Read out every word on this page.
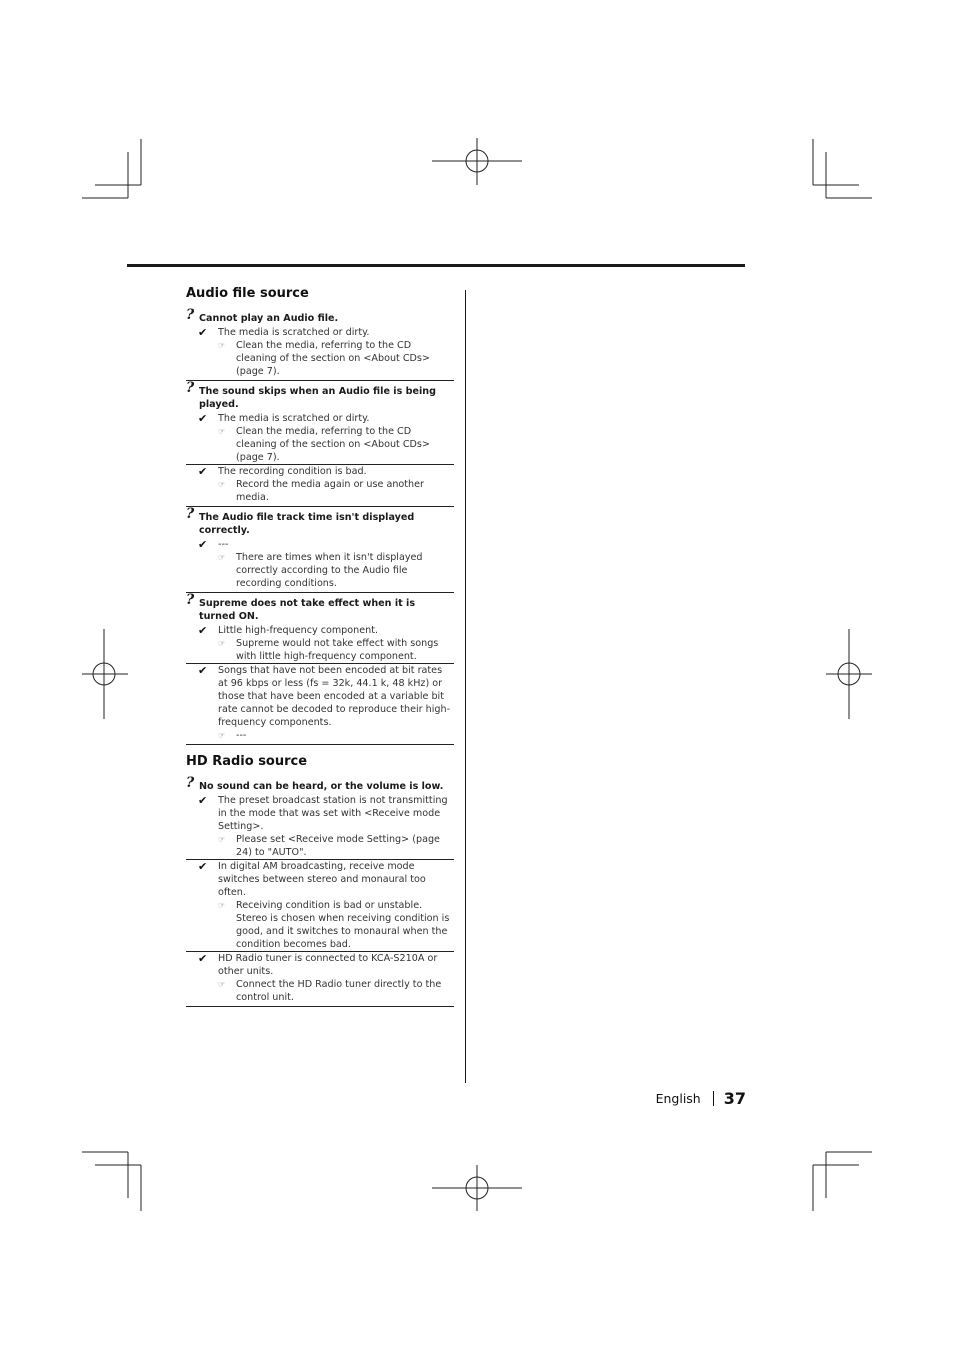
Audio file source
? Cannot play an Audio file.
✔ The media is scratched or dirty.
☞ Clean the media, referring to the CD cleaning of the section on <About CDs> (page 7).
? The sound skips when an Audio file is being played.
✔ The media is scratched or dirty.
☞ Clean the media, referring to the CD cleaning of the section on <About CDs> (page 7).
✔ The recording condition is bad.
☞ Record the media again or use another media.
? The Audio file track time isn't displayed correctly.
✔ ---
☞ There are times when it isn't displayed correctly according to the Audio file recording conditions.
? Supreme does not take effect when it is turned ON.
✔ Little high-frequency component.
☞ Supreme would not take effect with songs with little high-frequency component.
✔ Songs that have not been encoded at bit rates at 96 kbps or less (fs = 32k, 44.1 k, 48 kHz) or those that have been encoded at a variable bit rate cannot be decoded to reproduce their high-frequency components.
☞ ---
HD Radio source
? No sound can be heard, or the volume is low.
✔ The preset broadcast station is not transmitting in the mode that was set with <Receive mode Setting>.
☞ Please set <Receive mode Setting> (page 24) to "AUTO".
✔ In digital AM broadcasting, receive mode switches between stereo and monaural too often.
☞ Receiving condition is bad or unstable. Stereo is chosen when receiving condition is good, and it switches to monaural when the condition becomes bad.
✔ HD Radio tuner is connected to KCA-S210A or other units.
☞ Connect the HD Radio tuner directly to the control unit.
English 37
